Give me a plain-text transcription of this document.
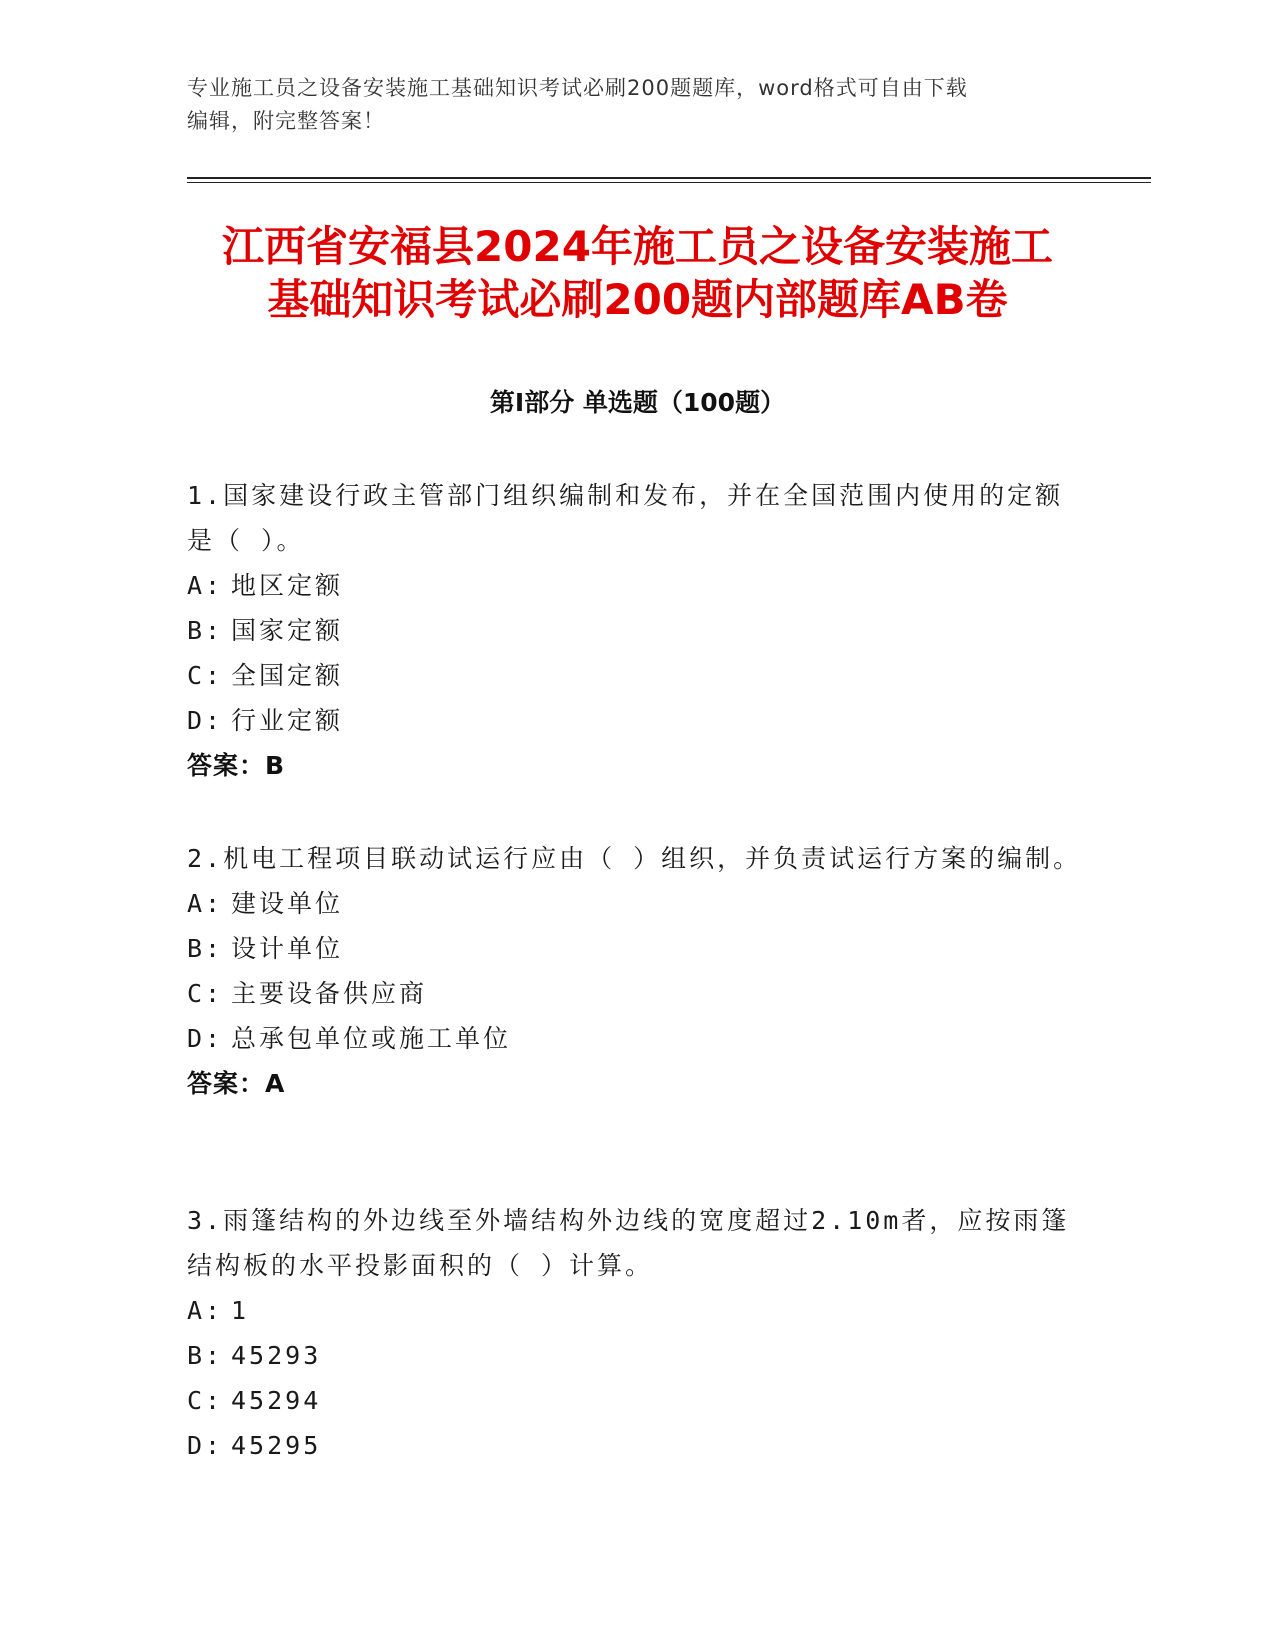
专业施工员之设备安装施工基础知识考试必刷200题题库，word格式可自由下载
编辑，附完整答案！
江西省安福县2024年施工员之设备安装施工
基础知识考试必刷200题内部题库AB卷
第I部分 单选题（100题）
1.国家建设行政主管部门组织编制和发布，并在全国范围内使用的定额是（ ）。
A: 地区定额
B: 国家定额
C: 全国定额
D: 行业定额
答案：B
2.机电工程项目联动试运行应由（ ）组织，并负责试运行方案的编制。
A: 建设单位
B: 设计单位
C: 主要设备供应商
D: 总承包单位或施工单位
答案：A
3.雨篷结构的外边线至外墙结构外边线的宽度超过2.10m者，应按雨篷结构板的水平投影面积的（ ）计算。
A: 1
B: 45293
C: 45294
D: 45295
